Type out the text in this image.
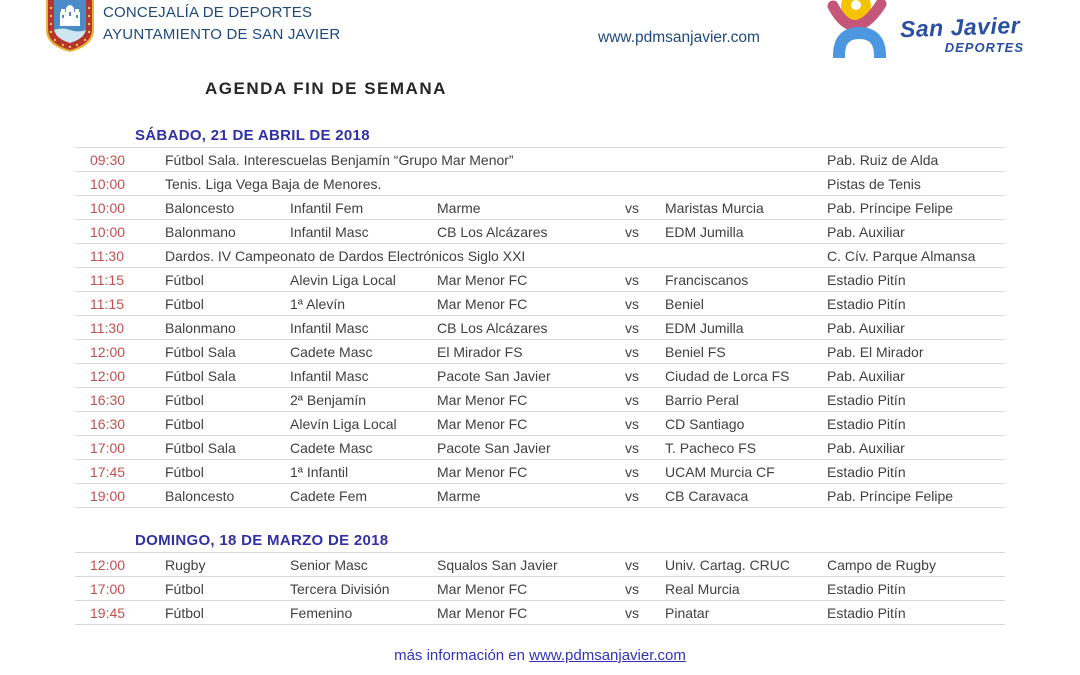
CONCEJALÍA DE DEPORTES
AYUNTAMIENTO DE SAN JAVIER	www.pdmsanjavier.com	San Javier
DEPORTES
AGENDA FIN DE SEMANA
SÁBADO, 21 DE ABRIL DE 2018
09:30	Fútbol Sala. Interescuelas Benjamín “Grupo Mar Menor”	Pab. Ruiz de Alda
10:00	Tenis. Liga Vega Baja de Menores.	Pistas de Tenis
10:00	Baloncesto	Infantil Fem	Marme	vs	Maristas Murcia	Pab. Príncipe Felipe
10:00	Balonmano	Infantil Masc	CB Los Alcázares	vs	EDM Jumilla	Pab. Auxiliar
11:30	Dardos. IV Campeonato de Dardos Electrónicos Siglo XXI	C. Cív. Parque Almansa
11:15	Fútbol	Alevin Liga Local	Mar Menor FC	vs	Franciscanos	Estadio Pitín
11:15	Fútbol	1ª Alevín	Mar Menor FC	vs	Beniel	Estadio Pitín
11:30	Balonmano	Infantil Masc	CB Los Alcázares	vs	EDM Jumilla	Pab. Auxiliar
12:00	Fútbol Sala	Cadete Masc	El Mirador FS	vs	Beniel FS	Pab. El Mirador
12:00	Fútbol Sala	Infantil Masc	Pacote San Javier	vs	Ciudad de Lorca FS	Pab. Auxiliar
16:30	Fútbol	2ª Benjamín	Mar Menor FC	vs	Barrio Peral	Estadio Pitín
16:30	Fútbol	Alevín Liga Local	Mar Menor FC	vs	CD Santiago	Estadio Pitín
17:00	Fútbol Sala	Cadete Masc	Pacote San Javier	vs	T. Pacheco FS	Pab. Auxiliar
17:45	Fútbol	1ª Infantil	Mar Menor FC	vs	UCAM Murcia CF	Estadio Pitín
19:00	Baloncesto	Cadete Fem	Marme	vs	CB Caravaca	Pab. Príncipe Felipe
DOMINGO, 18 DE MARZO DE 2018
12:00	Rugby	Senior Masc	Squalos San Javier	vs	Univ. Cartag. CRUC	Campo de Rugby
17:00	Fútbol	Tercera División	Mar Menor FC	vs	Real Murcia	Estadio Pitín
19:45	Fútbol	Femenino	Mar Menor FC	vs	Pinatar	Estadio Pitín
más información en www.pdmsanjavier.com
